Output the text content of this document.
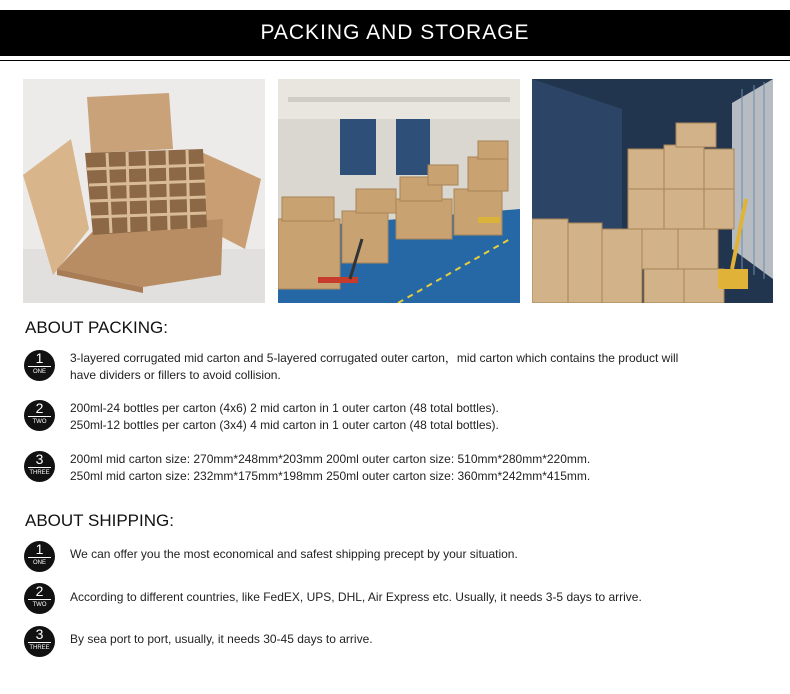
PACKING AND STORAGE
ABOUT PACKING:
1
ONE
3-layered corrugated mid carton and 5-layered corrugated outer carton，mid carton which contains the product will
have dividers or fillers to avoid collision.
2
TWO
200ml-24 bottles per carton (4x6) 2 mid carton in 1 outer carton (48 total bottles).
250ml-12 bottles per carton (3x4) 4 mid carton in 1 outer carton (48 total bottles).
3
THREE
200ml mid carton size: 270mm*248mm*203mm 200ml outer carton size: 510mm*280mm*220mm.
250ml mid carton size: 232mm*175mm*198mm 250ml outer carton size: 360mm*242mm*415mm.
ABOUT SHIPPING:
1
ONE
We can offer you the most economical and safest shipping precept by your situation.
2
TWO
According to different countries, like FedEX, UPS, DHL, Air Express etc. Usually, it needs 3-5 days to arrive.
3
THREE
By sea port to port, usually, it needs 30-45 days to arrive.
